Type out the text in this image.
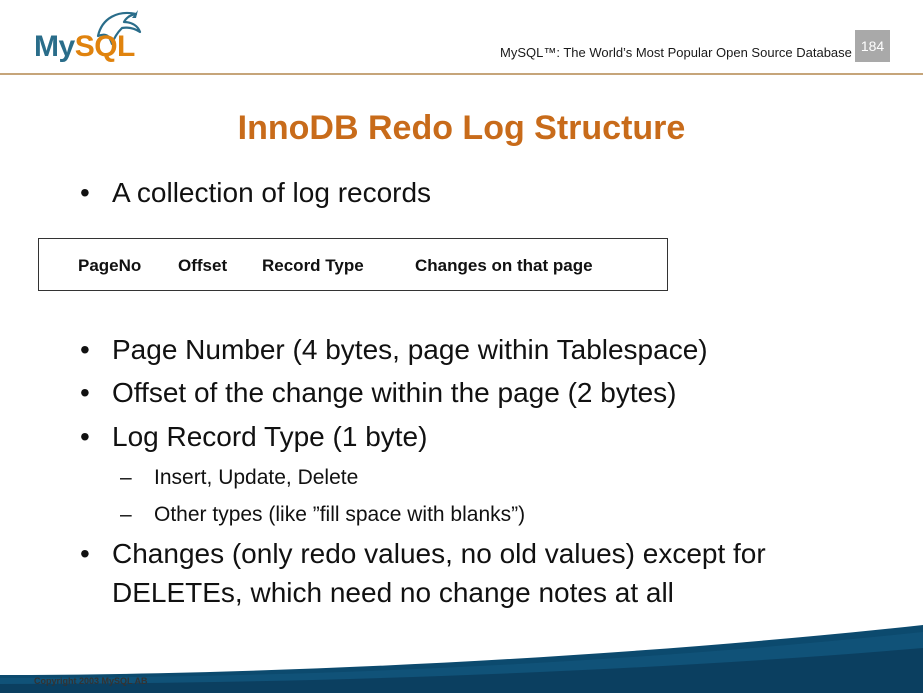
MySQL	MySQL™: The World’s Most Popular Open Source Database 184
InnoDB Redo Log Structure
• A collection of log records
PageNo Offset Record Type	Changes on that page
• Page Number (4 bytes, page within Tablespace)
• Offset of the change within the page (2 bytes)
• Log Record Type (1 byte)
– Insert, Update, Delete
– Other types (like ”fill space with blanks”)
• Changes (only redo values, no old values) except for
DELETEs, which need no change notes at all
Copyright 2003 MySQL AB
